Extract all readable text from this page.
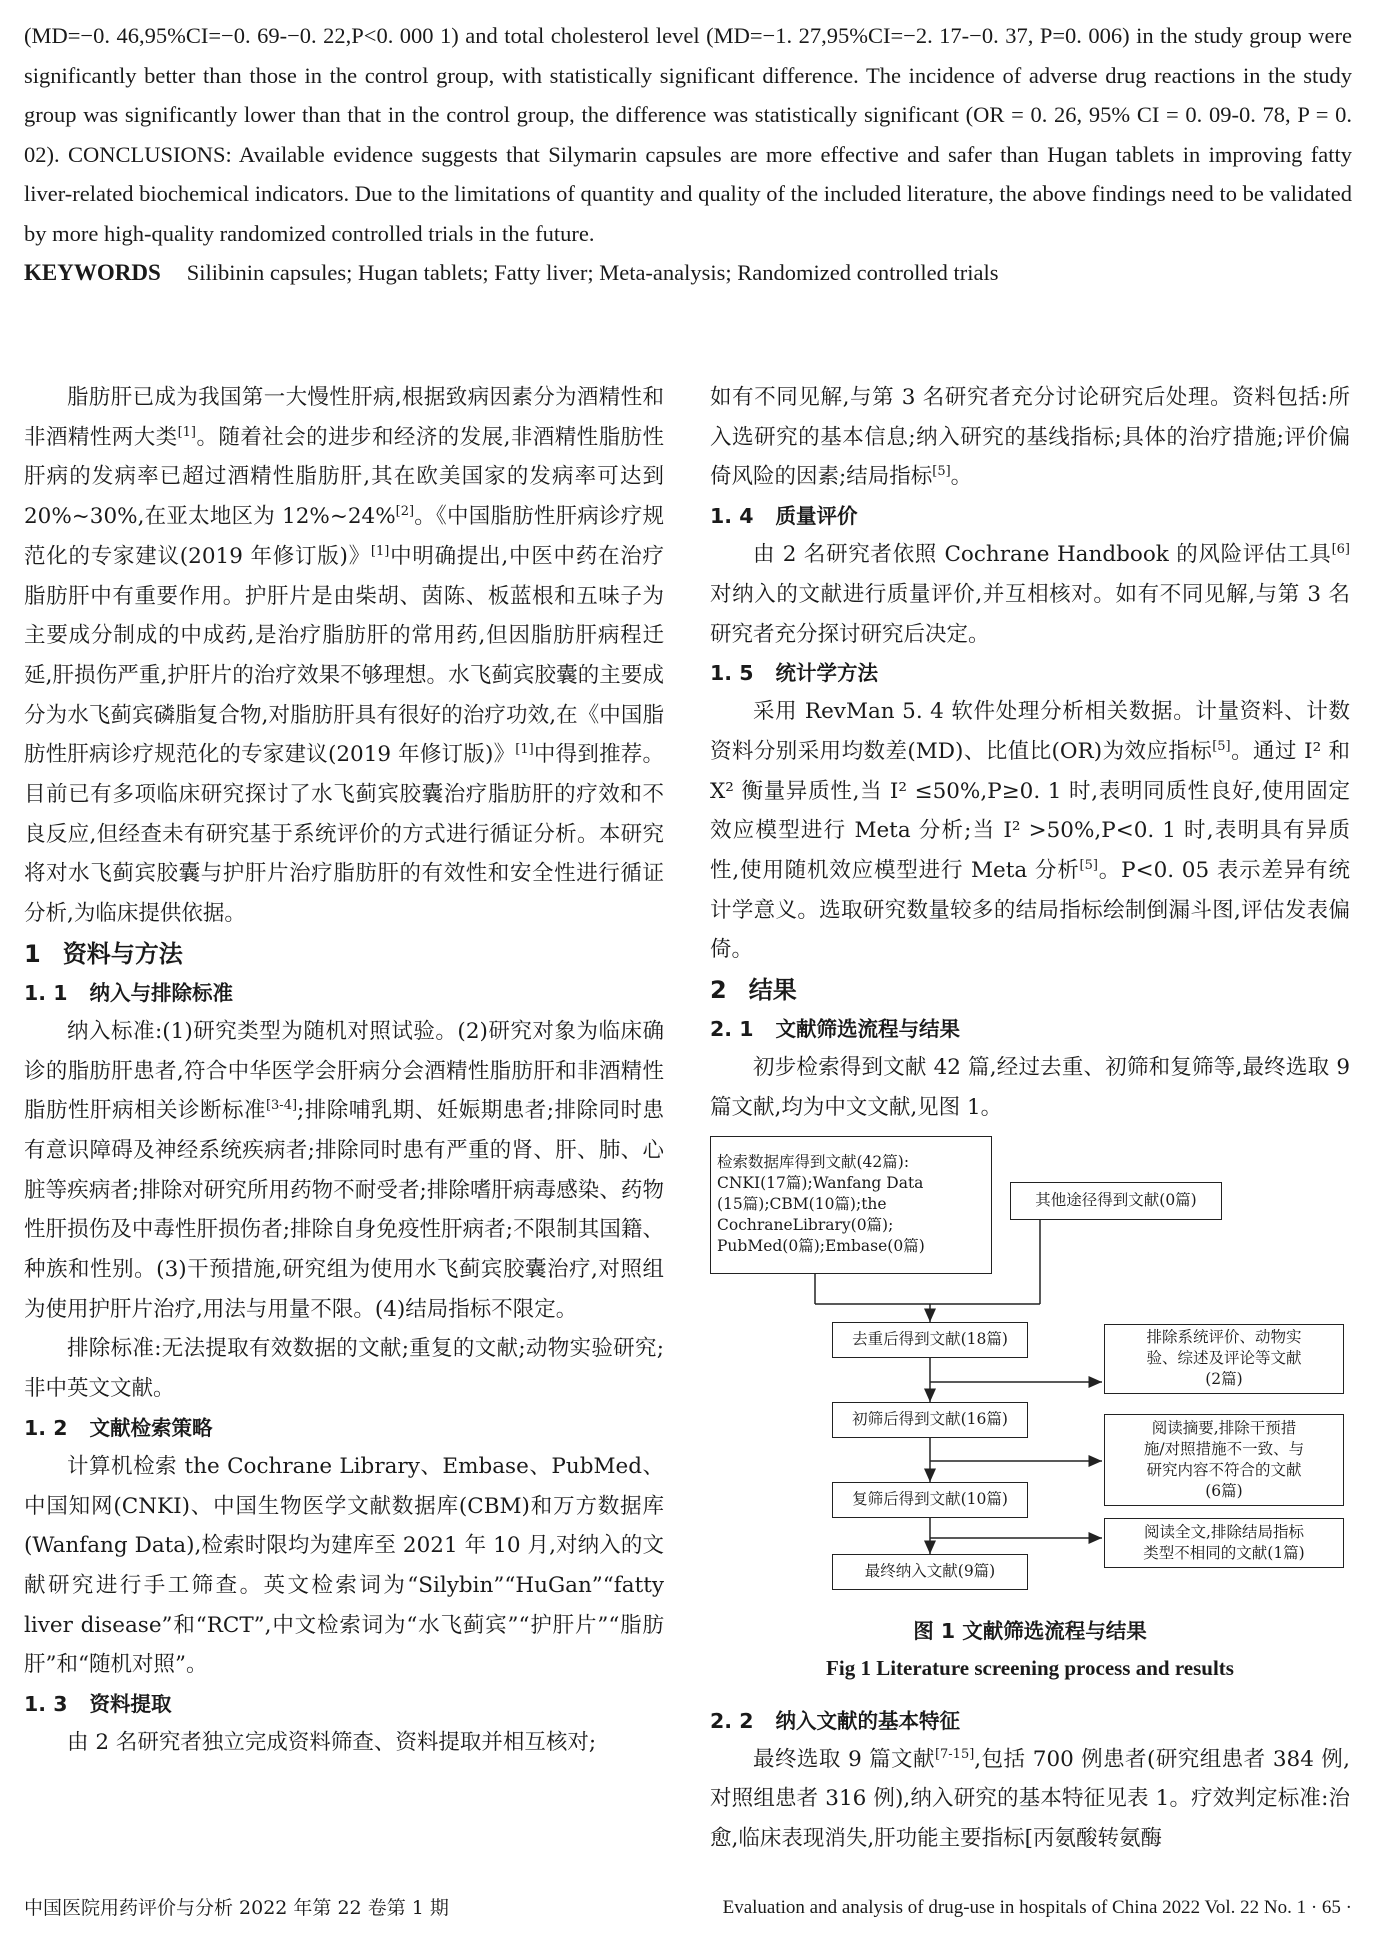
(MD=−0. 46,95%CI=−0. 69-−0. 22,P<0. 000 1) and total cholesterol level (MD=−1. 27,95%CI=−2. 17-−0. 37, P=0. 006) in the study group were significantly better than those in the control group, with statistically significant difference. The incidence of adverse drug reactions in the study group was significantly lower than that in the control group, the difference was statistically significant (OR = 0. 26, 95% CI = 0. 09-0. 78, P = 0. 02). CONCLUSIONS: Available evidence suggests that Silymarin capsules are more effective and safer than Hugan tablets in improving fatty liver-related biochemical indicators. Due to the limitations of quantity and quality of the included literature, the above findings need to be validated by more high-quality randomized controlled trials in the future.

KEYWORDS Silibinin capsules; Hugan tablets; Fatty liver; Meta-analysis; Randomized controlled trials

脂肪肝已成为我国第一大慢性肝病,根据致病因素分为酒精性和非酒精性两大类[1]。随着社会的进步和经济的发展,非酒精性脂肪性肝病的发病率已超过酒精性脂肪肝,其在欧美国家的发病率可达到 20%~30%,在亚太地区为 12%~24%[2]。《中国脂肪性肝病诊疗规范化的专家建议(2019 年修订版)》[1]中明确提出,中医中药在治疗脂肪肝中有重要作用。护肝片是由柴胡、茵陈、板蓝根和五味子为主要成分制成的中成药,是治疗脂肪肝的常用药,但因脂肪肝病程迁延,肝损伤严重,护肝片的治疗效果不够理想。水飞蓟宾胶囊的主要成分为水飞蓟宾磷脂复合物,对脂肪肝具有很好的治疗功效,在《中国脂肪性肝病诊疗规范化的专家建议(2019 年修订版)》[1]中得到推荐。目前已有多项临床研究探讨了水飞蓟宾胶囊治疗脂肪肝的疗效和不良反应,但经查未有研究基于系统评价的方式进行循证分析。本研究将对水飞蓟宾胶囊与护肝片治疗脂肪肝的有效性和安全性进行循证分析,为临床提供依据。

1 资料与方法

1. 1 纳入与排除标准

纳入标准:(1)研究类型为随机对照试验。(2)研究对象为临床确诊的脂肪肝患者,符合中华医学会肝病分会酒精性脂肪肝和非酒精性脂肪性肝病相关诊断标准[3-4];排除哺乳期、妊娠期患者;排除同时患有意识障碍及神经系统疾病者;排除同时患有严重的肾、肝、肺、心脏等疾病者;排除对研究所用药物不耐受者;排除嗜肝病毒感染、药物性肝损伤及中毒性肝损伤者;排除自身免疫性肝病者;不限制其国籍、种族和性别。(3)干预措施,研究组为使用水飞蓟宾胶囊治疗,对照组为使用护肝片治疗,用法与用量不限。(4)结局指标不限定。

排除标准:无法提取有效数据的文献;重复的文献;动物实验研究;非中英文文献。

1. 2 文献检索策略

计算机检索 the Cochrane Library、Embase、PubMed、中国知网(CNKI)、中国生物医学文献数据库(CBM)和万方数据库(Wanfang Data),检索时限均为建库至 2021 年 10 月,对纳入的文献研究进行手工筛查。英文检索词为“Silybin”“HuGan”“fatty liver disease”和“RCT”,中文检索词为“水飞蓟宾”“护肝片”“脂肪肝”和“随机对照”。

1. 3 资料提取

由 2 名研究者独立完成资料筛查、资料提取并相互核对;

如有不同见解,与第 3 名研究者充分讨论研究后处理。资料包括:所入选研究的基本信息;纳入研究的基线指标;具体的治疗措施;评价偏倚风险的因素;结局指标[5]。

1. 4 质量评价

由 2 名研究者依照 Cochrane Handbook 的风险评估工具[6]对纳入的文献进行质量评价,并互相核对。如有不同见解,与第 3 名研究者充分探讨研究后决定。

1. 5 统计学方法

采用 RevMan 5. 4 软件处理分析相关数据。计量资料、计数资料分别采用均数差(MD)、比值比(OR)为效应指标[5]。通过 I² 和X² 衡量异质性,当 I² ≤50%,P≥0. 1 时,表明同质性良好,使用固定效应模型进行 Meta 分析;当 I² >50%,P<0. 1 时,表明具有异质性,使用随机效应模型进行 Meta 分析[5]。P<0. 05 表示差异有统计学意义。选取研究数量较多的结局指标绘制倒漏斗图,评估发表偏倚。

2 结果

2. 1 文献筛选流程与结果

初步检索得到文献 42 篇,经过去重、初筛和复筛等,最终选取 9 篇文献,均为中文文献,见图 1。

检索数据库得到文献(42篇):
CNKI(17篇);Wanfang Data
(15篇);CBM(10篇);the
CochraneLibrary(0篇);
PubMed(0篇);Embase(0篇)
其他途径得到文献(0篇)
去重后得到文献(18篇)	排除系统评价、动物实
验、综述及评论等文献
(2篇)
初筛后得到文献(16篇)	阅读摘要,排除干预措
施/对照措施不一致、与
研究内容不符合的文献
(6篇)
复筛后得到文献(10篇)
阅读全文,排除结局指标
类型不相同的文献(1篇)
最终纳入文献(9篇)
图 1 文献筛选流程与结果
Fig 1 Literature screening process and results

2. 2 纳入文献的基本特征

最终选取 9 篇文献[7-15],包括 700 例患者(研究组患者 384 例,对照组患者 316 例),纳入研究的基本特征见表 1。疗效判定标准:治愈,临床表现消失,肝功能主要指标[丙氨酸转氨酶

中国医院用药评价与分析 2022 年第 22 卷第 1 期	Evaluation and analysis of drug-use in hospitals of China 2022 Vol. 22 No. 1 · 65 ·
